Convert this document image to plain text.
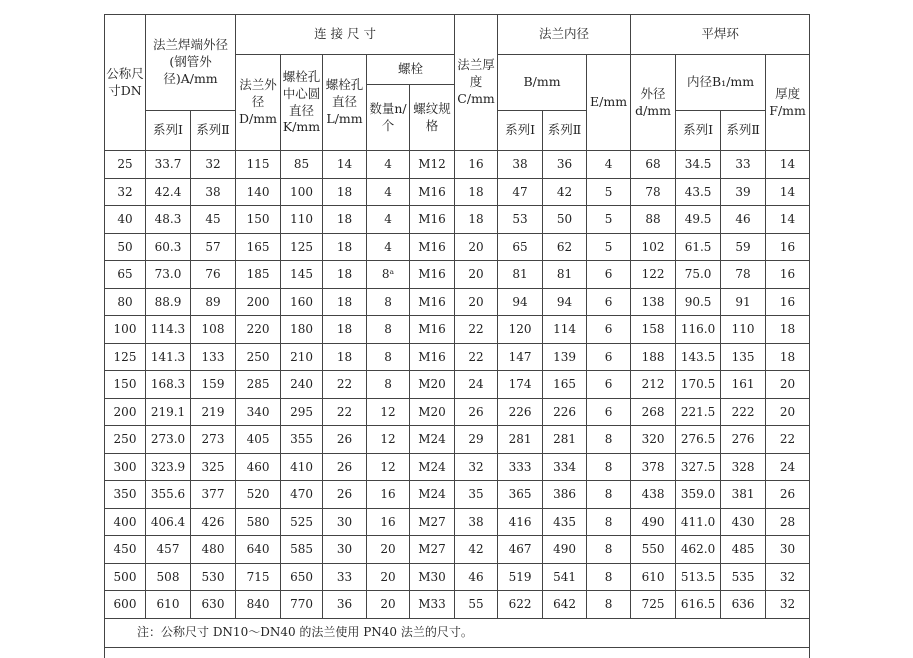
公称尺寸DN	法兰焊端外径(钢管外径)A/mm		连 接 尺 寸					法兰厚度C/mm	法兰内径			平焊环			
			法兰外径D/mm	螺栓孔中心圆直径K/mm	螺栓孔直径L/mm	螺栓			B/mm		E/mm	外径d/mm	内径B₁/mm		厚度F/mm
						数量n/个	螺纹规格								
	系列Ⅰ	系列Ⅱ							系列Ⅰ	系列Ⅱ			系列Ⅰ	系列Ⅱ	
25	33.7	32	115	85	14	4	M12	16	38	36	4	68	34.5	33	14
32	42.4	38	140	100	18	4	M16	18	47	42	5	78	43.5	39	14
40	48.3	45	150	110	18	4	M16	18	53	50	5	88	49.5	46	14
50	60.3	57	165	125	18	4	M16	20	65	62	5	102	61.5	59	16
65	73.0	76	185	145	18	8ᵃ	M16	20	81	81	6	122	75.0	78	16
80	88.9	89	200	160	18	8	M16	20	94	94	6	138	90.5	91	16
100	114.3	108	220	180	18	8	M16	22	120	114	6	158	116.0	110	18
125	141.3	133	250	210	18	8	M16	22	147	139	6	188	143.5	135	18
150	168.3	159	285	240	22	8	M20	24	174	165	6	212	170.5	161	20
200	219.1	219	340	295	22	12	M20	26	226	226	6	268	221.5	222	20
250	273.0	273	405	355	26	12	M24	29	281	281	8	320	276.5	276	22
300	323.9	325	460	410	26	12	M24	32	333	334	8	378	327.5	328	24
350	355.6	377	520	470	26	16	M24	35	365	386	8	438	359.0	381	26
400	406.4	426	580	525	30	16	M27	38	416	435	8	490	411.0	430	28
450	457	480	640	585	30	20	M27	42	467	490	8	550	462.0	485	30
500	508	530	715	650	33	20	M30	46	519	541	8	610	513.5	535	32
600	610	630	840	770	36	20	M33	55	622	642	8	725	616.5	636	32
注：公称尺寸 DN10～DN40 的法兰使用 PN40 法兰的尺寸。															
